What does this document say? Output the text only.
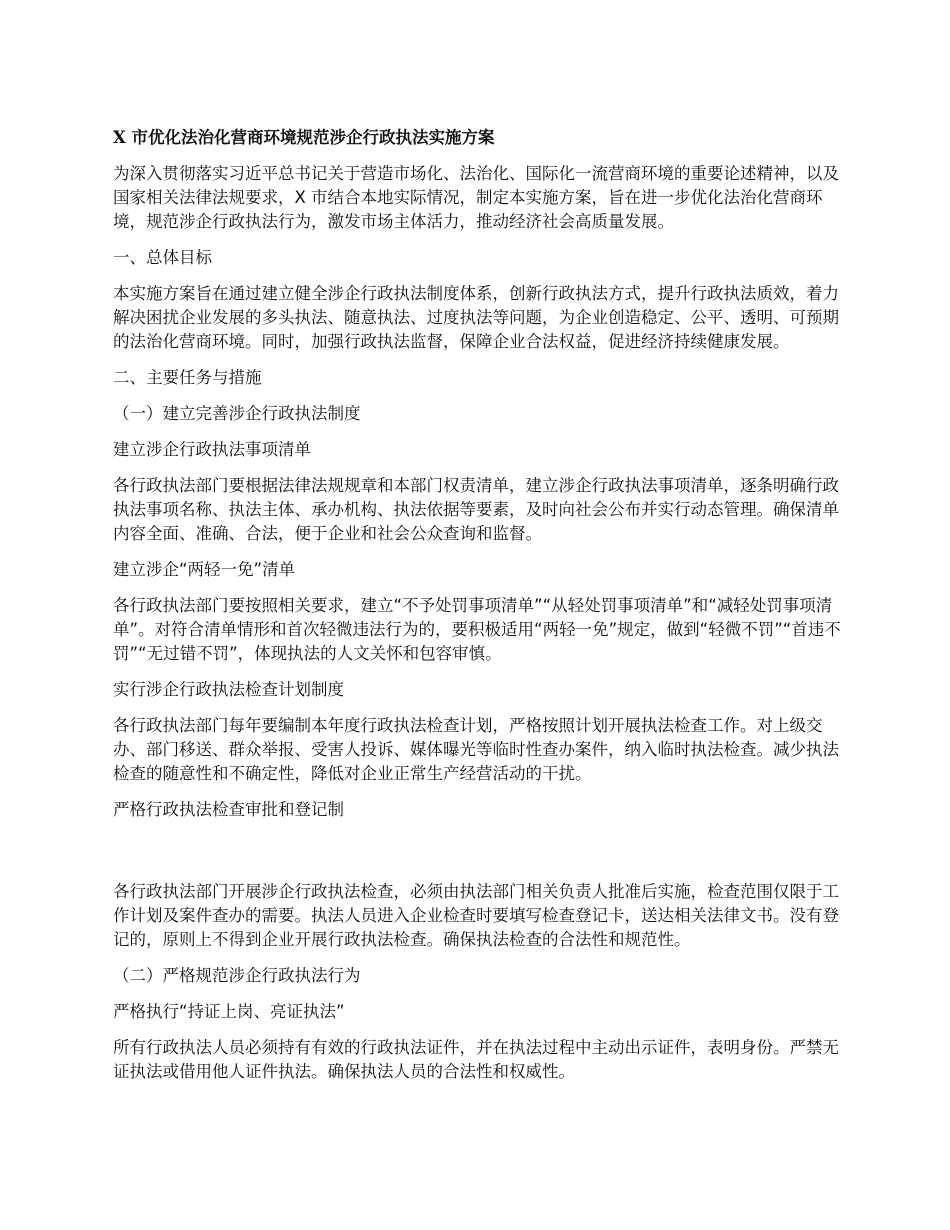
X 市优化法治化营商环境规范涉企行政执法实施方案

为深入贯彻落实习近平总书记关于营造市场化、法治化、国际化一流营商环境的重要论述精神，以及国家相关法律法规要求，X 市结合本地实际情况，制定本实施方案，旨在进一步优化法治化营商环境，规范涉企行政执法行为，激发市场主体活力，推动经济社会高质量发展。

一、总体目标

本实施方案旨在通过建立健全涉企行政执法制度体系，创新行政执法方式，提升行政执法质效，着力解决困扰企业发展的多头执法、随意执法、过度执法等问题，为企业创造稳定、公平、透明、可预期的法治化营商环境。同时，加强行政执法监督，保障企业合法权益，促进经济持续健康发展。

二、主要任务与措施

（一）建立完善涉企行政执法制度

建立涉企行政执法事项清单

各行政执法部门要根据法律法规规章和本部门权责清单，建立涉企行政执法事项清单，逐条明确行政执法事项名称、执法主体、承办机构、执法依据等要素，及时向社会公布并实行动态管理。确保清单内容全面、准确、合法，便于企业和社会公众查询和监督。

建立涉企“两轻一免”清单

各行政执法部门要按照相关要求，建立“不予处罚事项清单”“从轻处罚事项清单”和“减轻处罚事项清单”。对符合清单情形和首次轻微违法行为的，要积极适用“两轻一免”规定，做到“轻微不罚”“首违不罚”“无过错不罚”，体现执法的人文关怀和包容审慎。

实行涉企行政执法检查计划制度

各行政执法部门每年要编制本年度行政执法检查计划，严格按照计划开展执法检查工作。对上级交办、部门移送、群众举报、受害人投诉、媒体曝光等临时性查办案件，纳入临时执法检查。减少执法检查的随意性和不确定性，降低对企业正常生产经营活动的干扰。

严格行政执法检查审批和登记制

各行政执法部门开展涉企行政执法检查，必须由执法部门相关负责人批准后实施，检查范围仅限于工作计划及案件查办的需要。执法人员进入企业检查时要填写检查登记卡，送达相关法律文书。没有登记的，原则上不得到企业开展行政执法检查。确保执法检查的合法性和规范性。

（二）严格规范涉企行政执法行为

严格执行“持证上岗、亮证执法”

所有行政执法人员必须持有有效的行政执法证件，并在执法过程中主动出示证件，表明身份。严禁无证执法或借用他人证件执法。确保执法人员的合法性和权威性。
